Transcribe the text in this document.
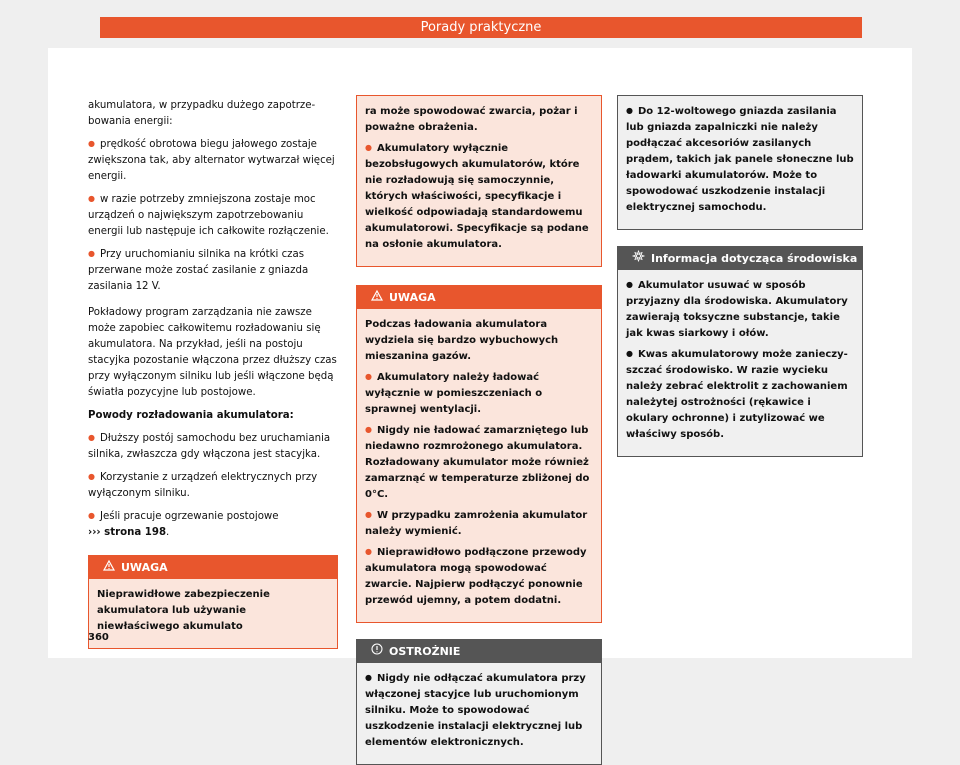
Porady praktyczne

akumulatora, w przypadku dużego zapotrzebowania energii:

● prędkość obrotowa biegu jałowego zostaje zwiększona tak, aby alternator wytwarzał więcej energii.

● w razie potrzeby zmniejszona zostaje moc urządzeń o największym zapotrzebowaniu energii lub następuje ich całkowite rozłączenie.

● Przy uruchomianiu silnika na krótki czas przerwane może zostać zasilanie z gniazda zasilania 12 V.

Pokładowy program zarządzania nie zawsze może zapobiec całkowitemu rozładowaniu się akumulatora. Na przykład, jeśli na postoju stacyjka pozostanie włączona przez dłuższy czas przy wyłączonym silniku lub jeśli włączone będą światła pozycyjne lub postojowe.

Powody rozładowania akumulatora:

● Dłuższy postój samochodu bez uruchamiania silnika, zwłaszcza gdy włączona jest stacyjka.

● Korzystanie z urządzeń elektrycznych przy wyłączonym silniku.

● Jeśli pracuje ogrzewanie postojowe
››› strona 198.

UWAGA

Nieprawidłowe zabezpieczenie akumulatora lub używanie niewłaściwego akumulato

ra może spowodować zwarcia, pożar i poważne obrażenia.

● Akumulatory wyłącznie bezobsługowych akumulatorów, które nie rozładowują się samoczynnie, których właściwości, specyfikacje i wielkość odpowiadają standardowemu akumulatorowi. Specyfikacje są podane na osłonie akumulatora.

UWAGA

Podczas ładowania akumulatora wydziela się bardzo wybuchowych mieszanina gazów.

● Akumulatory należy ładować wyłącznie w pomieszczeniach o sprawnej wentylacji.

● Nigdy nie ładować zamarzniętego lub niedawno rozmrożonego akumulatora. Rozładowany akumulator może również zamarznąć w temperaturze zbliżonej do 0°C.

● W przypadku zamrożenia akumulator należy wymienić.

● Nieprawidłowo podłączone przewody akumulatora mogą spowodować zwarcie. Najpierw podłączyć ponownie przewód ujemny, a potem dodatni.

OSTROŻNIE

● Nigdy nie odłączać akumulatora przy włączonej stacyjce lub uruchomionym silniku. Może to spowodować uszkodzenie instalacji elektrycznej lub elementów elektronicznych.

● Do 12-woltowego gniazda zasilania lub gniazda zapalniczki nie należy podłączać akcesoriów zasilanych prądem, takich jak panele słoneczne lub ładowarki akumulatorów. Może to spowodować uszkodzenie instalacji elektrycznej samochodu.

Informacja dotycząca środowiska

● Akumulator usuwać w sposób przyjazny dla środowiska. Akumulatory zawierają toksyczne substancje, takie jak kwas siarkowy i ołów.

● Kwas akumulatorowy może zanieczyszczać środowisko. W razie wycieku należy zebrać elektrolit z zachowaniem należytej ostrożności (rękawice i okulary ochronne) i zutylizować we właściwy sposób.

360
